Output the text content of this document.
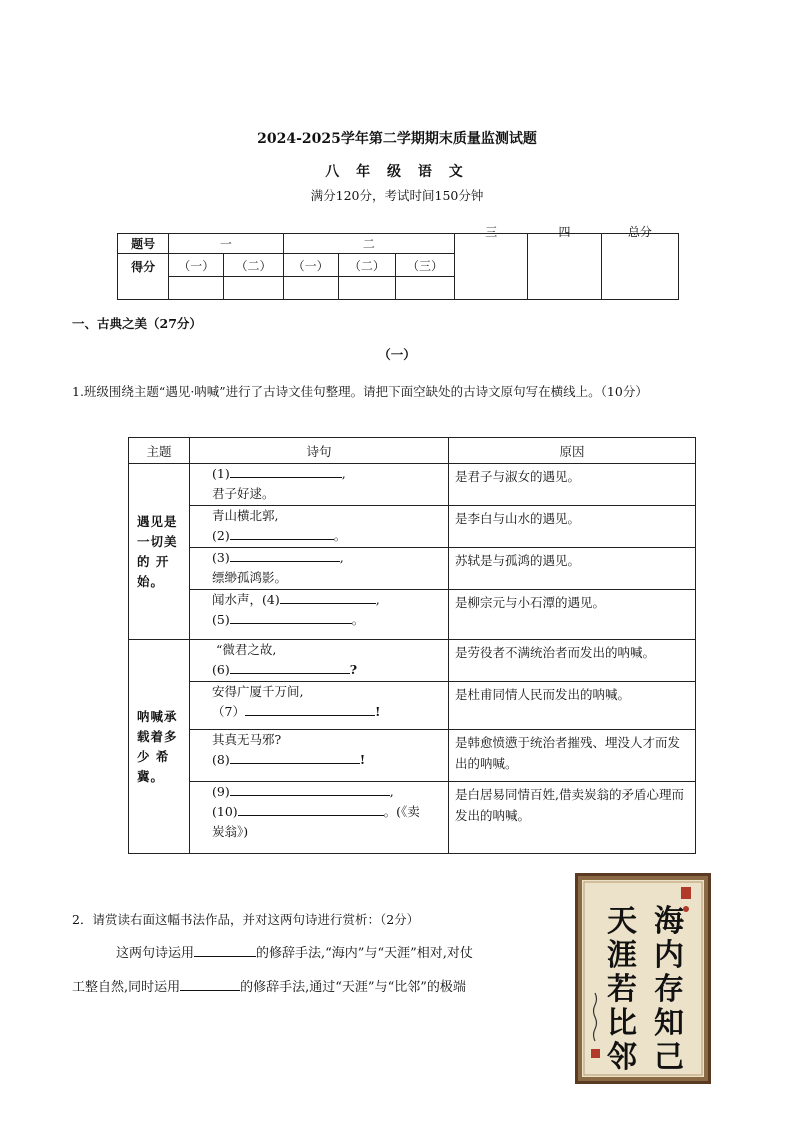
2024-2025学年第二学期期末质量监测试题
八 年 级 语 文
满分120分，考试时间150分钟
题号	一		二			三	四	总分

得分	（一）	（二）	（一）	（二）	（三）			

一、古典之美（27分）
（一）
1.班级围绕主题“遇见·呐喊”进行了古诗文佳句整理。请把下面空缺处的古诗文原句写在横线上。（10分）
主题	诗句	原因
遇见是一切美的 开始。	(1) ,
君子好逑。	是君子与淑女的遇见。

	青山横北郭,
(2) 。	是李白与山水的遇见。

	(3) ,
缥缈孤鸿影。	苏轼是与孤鸿的遇见。

	闻水声，(4) ,
(5) 。	是柳宗元与小石潭的遇见。
呐喊承载着多 少 希冀。	“微君之故,
(6) ?	是劳役者不满统治者而发出的呐喊。

	安得广厦千万间,
（7） !	是杜甫同情人民而发出的呐喊。

	其真无马邪?
(8) !	是韩愈愤懑于统治者摧残、埋没人才而发出的呐喊。

	(9) ,
(10) 。(《卖
炭翁》)	是白居易同情百姓,借卖炭翁的矛盾心理而发出的呐喊。
2．请赏读右面这幅书法作品，并对这两句诗进行赏析：（2分）
这两句诗运用	的修辞手法,“海内”与“天涯”相对,对仗
工整自然,同时运用	的修辞手法,通过“天涯”与“比邻”的极端
海内存知己
天涯若比邻
